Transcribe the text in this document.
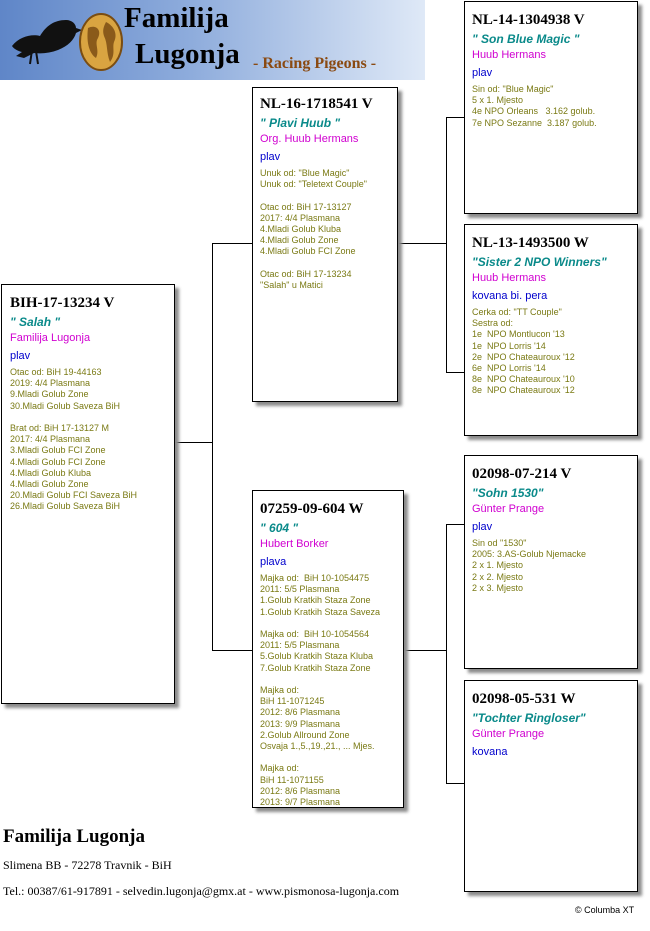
Familija
Lugonja - Racing Pigeons -
BIH-17-13234 V
" Salah "
Familija Lugonja
plav
Otac od: BiH 19-44163
2019: 4/4 Plasmana
9.Mladi Golub Zone
30.Mladi Golub Saveza BiH

Brat od: BiH 17-13127 M
2017: 4/4 Plasmana
3.Mladi Golub FCI Zone
4.Mladi Golub FCI Zone
4.Mladi Golub Kluba
4.Mladi Golub Zone
20.Mladi Golub FCI Saveza BiH
26.Mladi Golub Saveza BiH
NL-16-1718541 V
" Plavi Huub "
Org. Huub Hermans
plav
Unuk od: "Blue Magic"
Unuk od: "Teletext Couple"

Otac od: BiH 17-13127
2017: 4/4 Plasmana
4.Mladi Golub Kluba
4.Mladi Golub Zone
4.Mladi Golub FCI Zone

Otac od: BiH 17-13234
"Salah" u Matici
07259-09-604 W
" 604 "
Hubert Borker
plava
Majka od:  BiH 10-1054475
2011: 5/5 Plasmana
1.Golub Kratkih Staza Zone
1.Golub Kratkih Staza Saveza

Majka od:  BiH 10-1054564
2011: 5/5 Plasmana
5.Golub Kratkih Staza Kluba
7.Golub Kratkih Staza Zone

Majka od:
BiH 11-1071245
2012: 8/6 Plasmana
2013: 9/9 Plasmana
2.Golub Allround Zone
Osvaja 1.,5.,19.,21., ... Mjes.

Majka od:
BiH 11-1071155
2012: 8/6 Plasmana
2013: 9/7 Plasmana
NL-14-1304938 V
" Son Blue Magic "
Huub Hermans
plav
Sin od: "Blue Magic"
5 x 1. Mjesto
4e NPO Orleans   3.162 golub.
7e NPO Sezanne  3.187 golub.
NL-13-1493500 W
"Sister 2 NPO Winners"
Huub Hermans
kovana bi. pera
Cerka od: "TT Couple"
Sestra od:
1e  NPO Montlucon '13
1e  NPO Lorris '14
2e  NPO Chateauroux '12
6e  NPO Lorris '14
8e  NPO Chateauroux '10
8e  NPO Chateauroux '12
02098-07-214 V
"Sohn 1530"
Günter Prange
plav
Sin od "1530"
2005: 3.AS-Golub Njemacke
2 x 1. Mjesto
2 x 2. Mjesto
2 x 3. Mjesto
02098-05-531 W
"Tochter Ringloser"
Günter Prange
kovana
Familija Lugonja
Slimena BB - 72278 Travnik - BiH
Tel.: 00387/61-917891 - selvedin.lugonja@gmx.at - www.pismonosa-lugonja.com
© Columba XT
